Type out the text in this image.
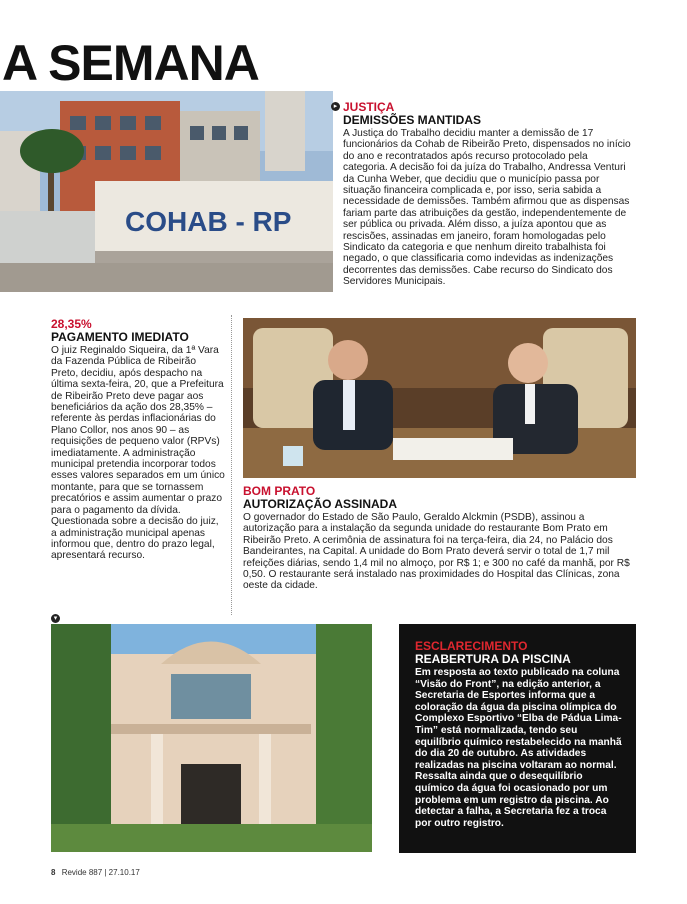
A SEMANA
COHAB - RP
▸ JUSTIÇA
DEMISSÕES MANTIDAS
A Justiça do Trabalho decidiu manter a demissão de 17 funcionários da Cohab de Ribeirão Preto, dispensados no início do ano e recontratados após recurso protocolado pela categoria. A decisão foi da juíza do Trabalho, Andressa Venturi da Cunha Weber, que decidiu que o município passa por situação financeira complicada e, por isso, seria sabida a necessidade de demissões. Também afirmou que as dispensas fariam parte das atribuições da gestão, independentemente de ser pública ou privada. Além disso, a juíza apontou que as rescisões, assinadas em janeiro, foram homologadas pelo Sindicato da categoria e que nenhum direito trabalhista foi negado, o que classificaria como indevidas as indenizações decorrentes das demissões. Cabe recurso do Sindicato dos Servidores Municipais.
28,35%
PAGAMENTO IMEDIATO
O juiz Reginaldo Siqueira, da 1ª Vara da Fazenda Pública de Ribeirão Preto, decidiu, após despacho na última sexta-feira, 20, que a Prefeitura de Ribeirão Preto deve pagar aos beneficiários da ação dos 28,35% – referente às perdas inflacionárias do Plano Collor, nos anos 90 – as requisições de pequeno valor (RPVs) imediatamente. A administração municipal pretendia incorporar todos esses valores separados em um único montante, para que se tornassem precatórios e assim aumentar o prazo para o pagamento da dívida. Questionada sobre a decisão do juiz, a administração municipal apenas informou que, dentro do prazo legal, apresentará recurso.
BOM PRATO
AUTORIZAÇÃO ASSINADA
O governador do Estado de São Paulo, Geraldo Alckmin (PSDB), assinou a autorização para a instalação da segunda unidade do restaurante Bom Prato em Ribeirão Preto. A cerimônia de assinatura foi na terça-feira, dia 24, no Palácio dos Bandeirantes, na Capital. A unidade do Bom Prato deverá servir o total de 1,7 mil refeições diárias, sendo 1,4 mil no almoço, por R$ 1; e 300 no café da manhã, por R$ 0,50. O restaurante será instalado nas proximidades do Hospital das Clínicas, zona oeste da cidade.
▾
ESCLARECIMENTO
REABERTURA DA PISCINA
Em resposta ao texto publicado na coluna “Visão do Front”, na edição anterior, a Secretaria de Esportes informa que a coloração da água da piscina olímpica do Complexo Esportivo “Elba de Pádua Lima-Tim” está normalizada, tendo seu equilíbrio químico restabelecido na manhã do dia 20 de outubro. As atividades realizadas na piscina voltaram ao normal. Ressalta ainda que o desequilíbrio químico da água foi ocasionado por um problema em um registro da piscina. Ao detectar a falha, a Secretaria fez a troca por outro registro.
8 Revide 887 | 27.10.17
